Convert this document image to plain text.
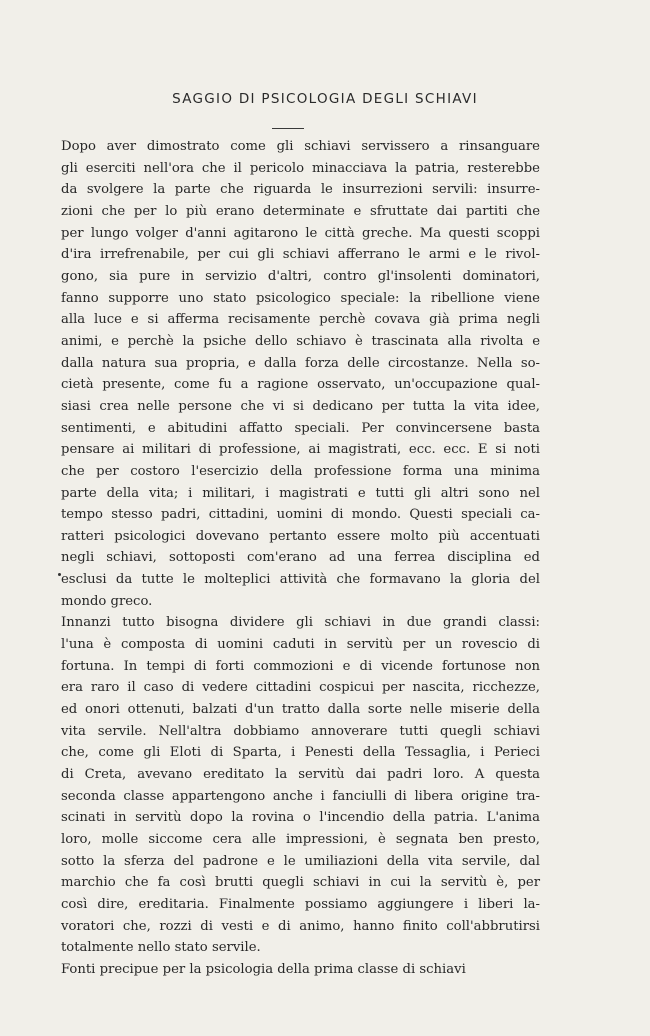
SAGGIO DI PSICOLOGIA DEGLI SCHIAVI

Dopo aver dimostrato come gli schiavi servissero a rinsanguare
gli eserciti nell'ora che il pericolo minacciava la patria, resterebbe
da svolgere la parte che riguarda le insurrezioni servili: insurre-
zioni che per lo più erano determinate e sfruttate dai partiti che
per lungo volger d'anni agitarono le città greche. Ma questi scoppi
d'ira irrefrenabile, per cui gli schiavi afferrano le armi e le rivol-
gono, sia pure in servizio d'altri, contro gl'insolenti dominatori,
fanno supporre uno stato psicologico speciale: la ribellione viene
alla luce e si afferma recisamente perchè covava già prima negli
animi, e perchè la psiche dello schiavo è trascinata alla rivolta e
dalla natura sua propria, e dalla forza delle circostanze. Nella so-
cietà presente, come fu a ragione osservato, un'occupazione qual-
siasi crea nelle persone che vi si dedicano per tutta la vita idee,
sentimenti, e abitudini affatto speciali. Per convincersene basta
pensare ai militari di professione, ai magistrati, ecc. ecc. E si noti
che per costoro l'esercizio della professione forma una minima
parte della vita; i militari, i magistrati e tutti gli altri sono nel
tempo stesso padri, cittadini, uomini di mondo. Questi speciali ca-
ratteri psicologici dovevano pertanto essere molto più accentuati
negli schiavi, sottoposti com'erano ad una ferrea disciplina ed
esclusi da tutte le molteplici attività che formavano la gloria del
mondo greco.

Innanzi tutto bisogna dividere gli schiavi in due grandi classi:
l'una è composta di uomini caduti in servitù per un rovescio di
fortuna. In tempi di forti commozioni e di vicende fortunose non
era raro il caso di vedere cittadini cospicui per nascita, ricchezze,
ed onori ottenuti, balzati d'un tratto dalla sorte nelle miserie della
vita servile. Nell'altra dobbiamo annoverare tutti quegli schiavi
che, come gli Eloti di Sparta, i Penesti della Tessaglia, i Perieci
di Creta, avevano ereditato la servitù dai padri loro. A questa
seconda classe appartengono anche i fanciulli di libera origine tra-
scinati in servitù dopo la rovina o l'incendio della patria. L'anima
loro, molle siccome cera alle impressioni, è segnata ben presto,
sotto la sferza del padrone e le umiliazioni della vita servile, dal
marchio che fa così brutti quegli schiavi in cui la servitù è, per
così dire, ereditaria. Finalmente possiamo aggiungere i liberi la-
voratori che, rozzi di vesti e di animo, hanno finito coll'abbrutirsi
totalmente nello stato servile.

Fonti precipue per la psicologia della prima classe di schiavi
